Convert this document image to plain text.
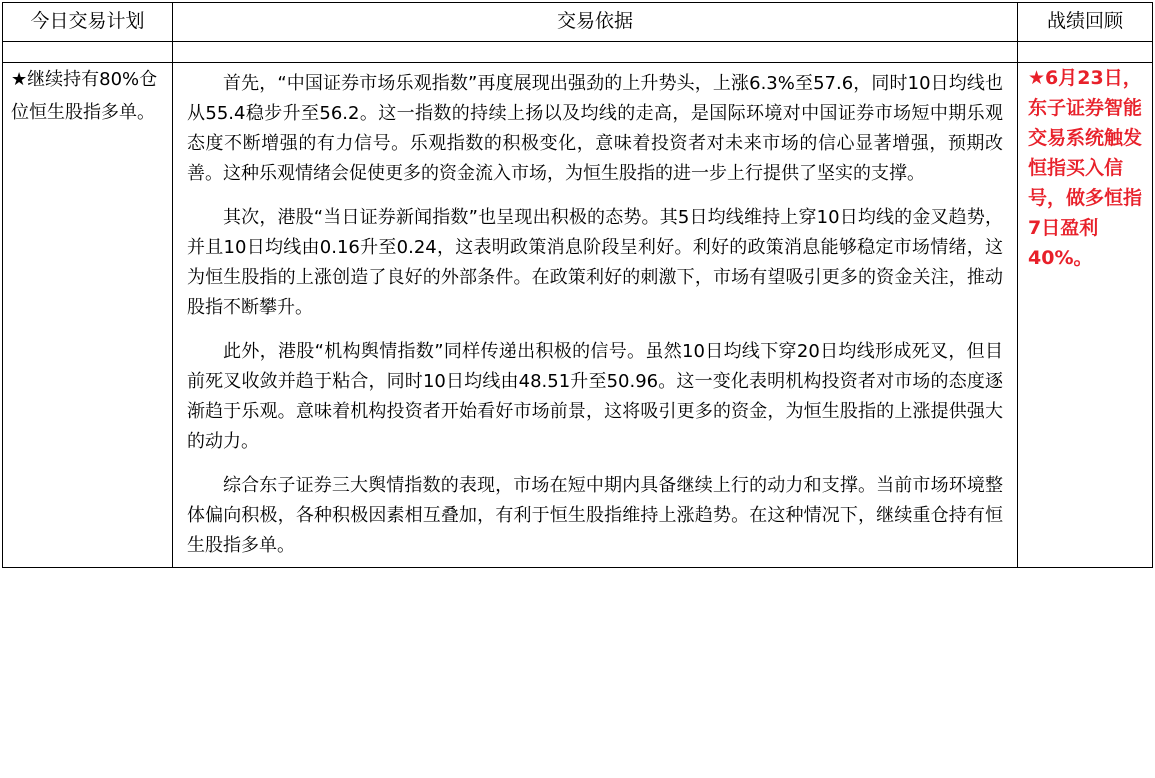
今日交易计划	交易依据	战绩回顾

★继续持有80%仓位恒生股指多单。	首先，“中国证券市场乐观指数”再度展现出强劲的上升势头，上涨6.3%至57.6，同时10日均线也从55.4稳步升至56.2。这一指数的持续上扬以及均线的走高，是国际环境对中国证券市场短中期乐观态度不断增强的有力信号。乐观指数的积极变化，意味着投资者对未来市场的信心显著增强，预期改善。这种乐观情绪会促使更多的资金流入市场，为恒生股指的进一步上行提供了坚实的支撑。

其次，港股“当日证券新闻指数”也呈现出积极的态势。其5日均线维持上穿10日均线的金叉趋势，并且10日均线由0.16升至0.24，这表明政策消息阶段呈利好。利好的政策消息能够稳定市场情绪，这为恒生股指的上涨创造了良好的外部条件。在政策利好的刺激下，市场有望吸引更多的资金关注，推动股指不断攀升。

此外，港股“机构舆情指数”同样传递出积极的信号。虽然10日均线下穿20日均线形成死叉，但目前死叉收敛并趋于粘合，同时10日均线由48.51升至50.96。这一变化表明机构投资者对市场的态度逐渐趋于乐观。意味着机构投资者开始看好市场前景，这将吸引更多的资金，为恒生股指的上涨提供强大的动力。

综合东子证券三大舆情指数的表现，市场在短中期内具备继续上行的动力和支撑。当前市场环境整体偏向积极，各种积极因素相互叠加，有利于恒生股指维持上涨趋势。在这种情况下，继续重仓持有恒生股指多单。	★6月23日，东子证券智能交易系统触发恒指买入信号，做多恒指7日盈利40%。
